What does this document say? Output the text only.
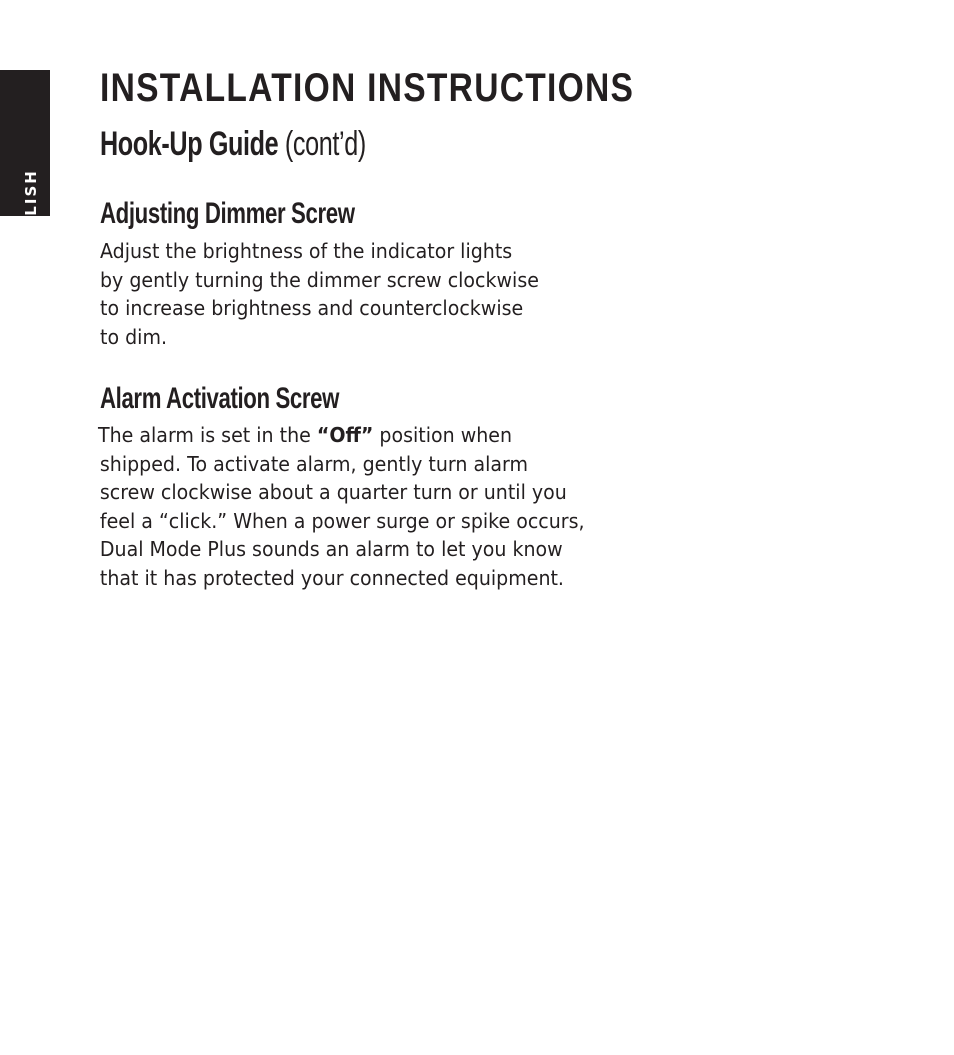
ENGLISH
INSTALLATION INSTRUCTIONS
Hook-Up Guide (cont’d)
Adjusting Dimmer Screw

Adjust the brightness of the indicator lights
by gently turning the dimmer screw clockwise
to increase brightness and counterclockwise
to dim.

Alarm Activation Screw

The alarm is set in the “Off” position when
shipped. To activate alarm, gently turn alarm
screw clockwise about a quarter turn or until you
feel a “click.” When a power surge or spike occurs,
Dual Mode Plus sounds an alarm to let you know
that it has protected your connected equipment.
